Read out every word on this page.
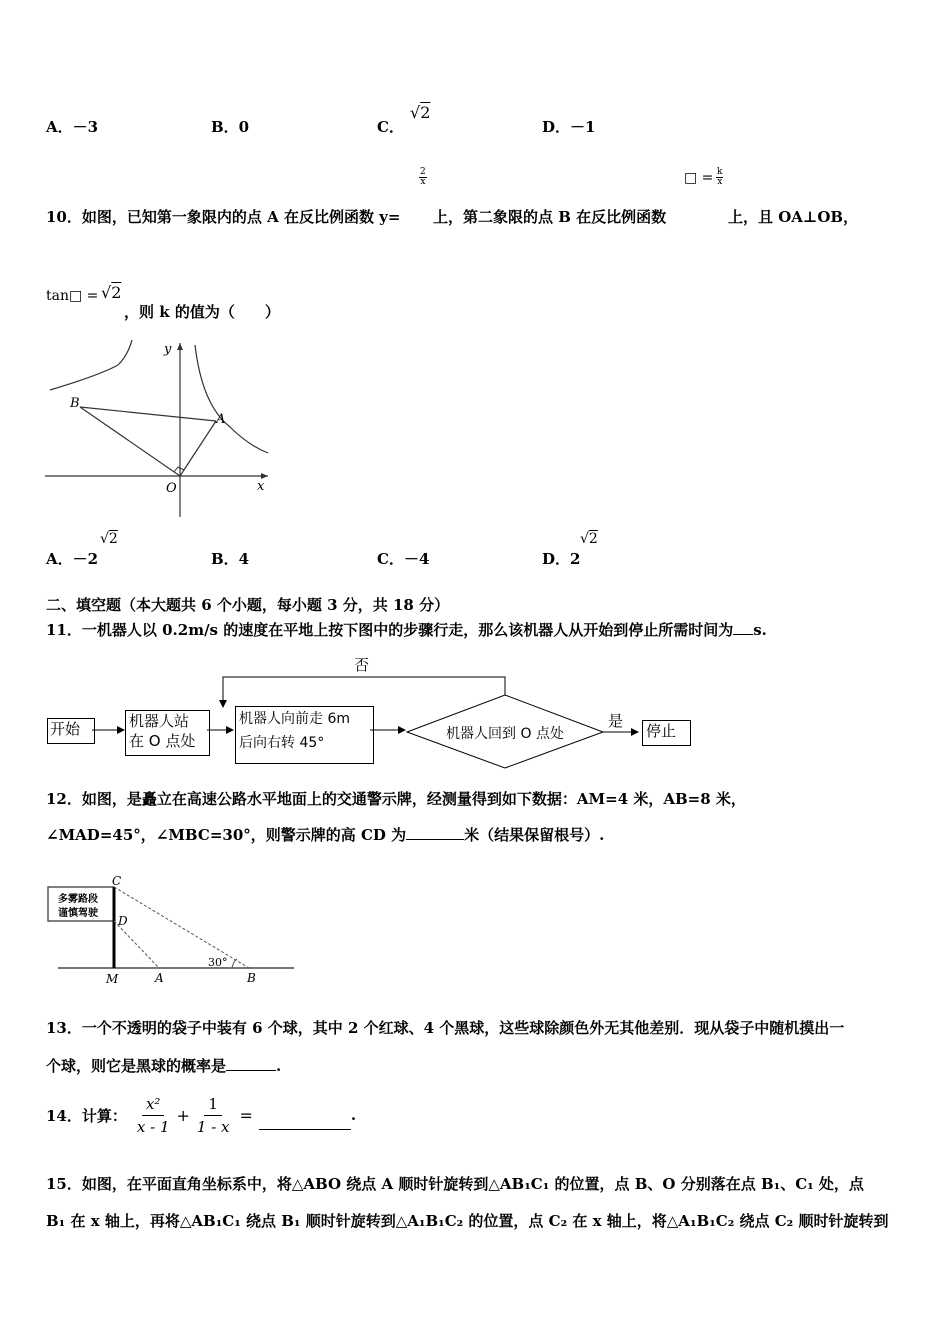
A．－3	B．0	C．
√2
D．－1
$\frac{2}{x}$	□ = $\frac{k}{x}$
10．如图，已知第一象限内的点 A 在反比例函数 y= 上，第二象限的点 B 在反比例函数	上，且 OA⊥OB，
tan□ = √2
，则 k 的值为（　　）
y
x
O
A
B
A．－2
√2
B．4	C．－4	D．2
√2
二、填空题（本大题共 6 个小题，每小题 3 分，共 18 分）
11．一机器人以 0.2m/s 的速度在平地上按下图中的步骤行走，那么该机器人从开始到停止所需时间为 s.
否
是
机器人回到 O 点处
开始	机器人站
在 O 点处
机器人向前走 6m
后向右转 45°
停止
12．如图，是矗立在高速公路水平地面上的交通警示牌，经测量得到如下数据：AM=4 米，AB=8 米，
∠MAD=45°，∠MBC=30°，则警示牌的高 CD 为	米（结果保留根号）.
多雾路段
谨慎驾驶
30°
C
D
M	A	B
13．一个不透明的袋子中装有 6 个球，其中 2 个红球、4 个黑球，这些球除颜色外无其他差别．现从袋子中随机摸出一
个球，则它是黑球的概率是	.
14．计算： $\frac{\text{x²}}{x - 1} + \frac{1}{1 - x}$ =	.
15．如图，在平面直角坐标系中，将△ABO 绕点 A 顺时针旋转到△AB₁C₁ 的位置，点 B、O 分别落在点 B₁、C₁ 处，点
B₁ 在 x 轴上，再将△AB₁C₁ 绕点 B₁ 顺时针旋转到△A₁B₁C₂ 的位置，点 C₂ 在 x 轴上，将△A₁B₁C₂ 绕点 C₂ 顺时针旋转到
